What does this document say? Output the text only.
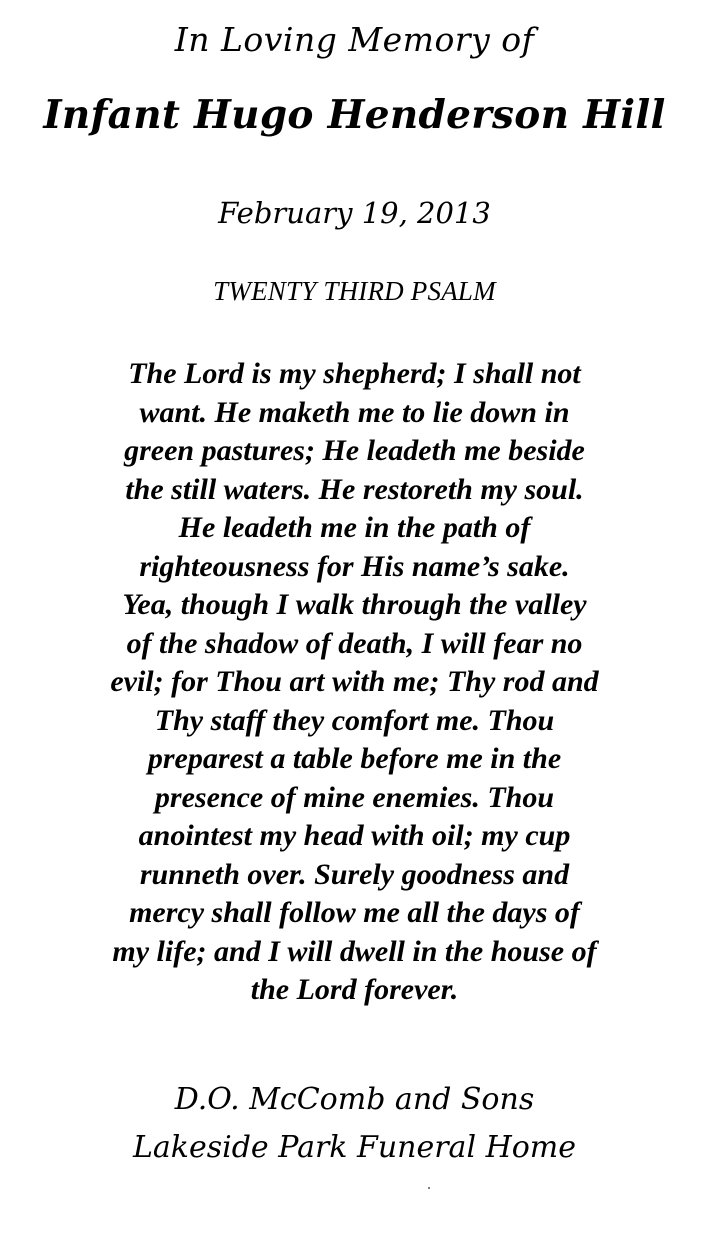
In Loving Memory of
Infant Hugo Henderson Hill
February 19, 2013
TWENTY THIRD PSALM
The Lord is my shepherd; I shall not
want. He maketh me to lie down in
green pastures; He leadeth me beside
the still waters. He restoreth my soul.
He leadeth me in the path of
righteousness for His name’s sake.
Yea, though I walk through the valley
of the shadow of death, I will fear no
evil; for Thou art with me; Thy rod and
Thy staff they comfort me. Thou
preparest a table before me in the
presence of mine enemies. Thou
anointest my head with oil; my cup
runneth over. Surely goodness and
mercy shall follow me all the days of
my life; and I will dwell in the house of
the Lord forever.
D.O. McComb and Sons
Lakeside Park Funeral Home
